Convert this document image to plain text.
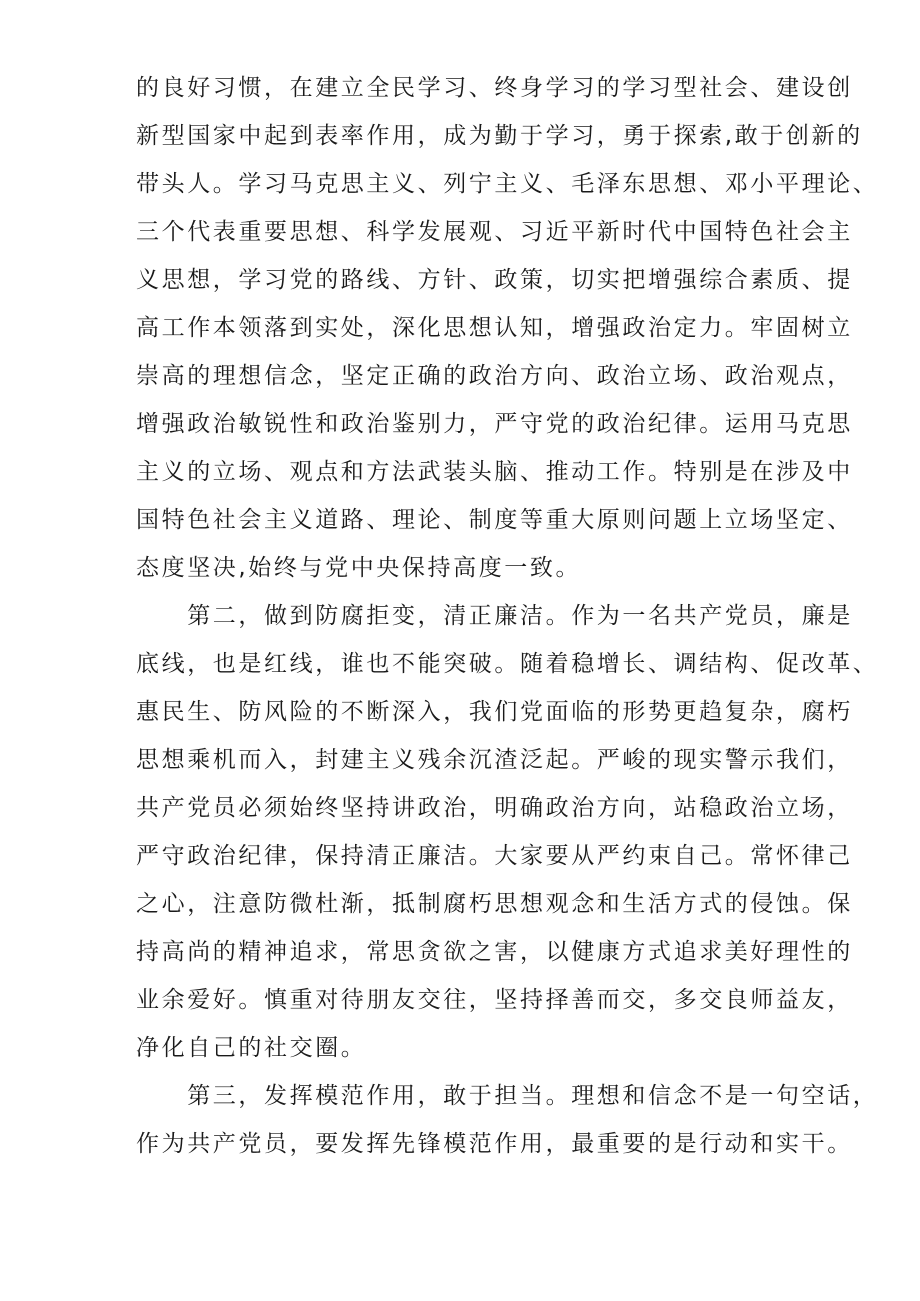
的良好习惯，在建立全民学习、终身学习的学习型社会、建设创
新型国家中起到表率作用，成为勤于学习，勇于探索,敢于创新的
带头人。学习马克思主义、列宁主义、毛泽东思想、邓小平理论、
三个代表重要思想、科学发展观、习近平新时代中国特色社会主
义思想，学习党的路线、方针、政策，切实把增强综合素质、提
高工作本领落到实处，深化思想认知，增强政治定力。牢固树立
崇高的理想信念，坚定正确的政治方向、政治立场、政治观点，
增强政治敏锐性和政治鉴别力，严守党的政治纪律。运用马克思
主义的立场、观点和方法武装头脑、推动工作。特别是在涉及中
国特色社会主义道路、理论、制度等重大原则问题上立场坚定、
态度坚决,始终与党中央保持高度一致。
　　第二，做到防腐拒变，清正廉洁。作为一名共产党员，廉是
底线，也是红线，谁也不能突破。随着稳增长、调结构、促改革、
惠民生、防风险的不断深入，我们党面临的形势更趋复杂，腐朽
思想乘机而入，封建主义残余沉渣泛起。严峻的现实警示我们，
共产党员必须始终坚持讲政治，明确政治方向，站稳政治立场，
严守政治纪律，保持清正廉洁。大家要从严约束自己。常怀律己
之心，注意防微杜渐，抵制腐朽思想观念和生活方式的侵蚀。保
持高尚的精神追求，常思贪欲之害，以健康方式追求美好理性的
业余爱好。慎重对待朋友交往，坚持择善而交，多交良师益友，
净化自己的社交圈。
　　第三，发挥模范作用，敢于担当。理想和信念不是一句空话，
作为共产党员，要发挥先锋模范作用，最重要的是行动和实干。
